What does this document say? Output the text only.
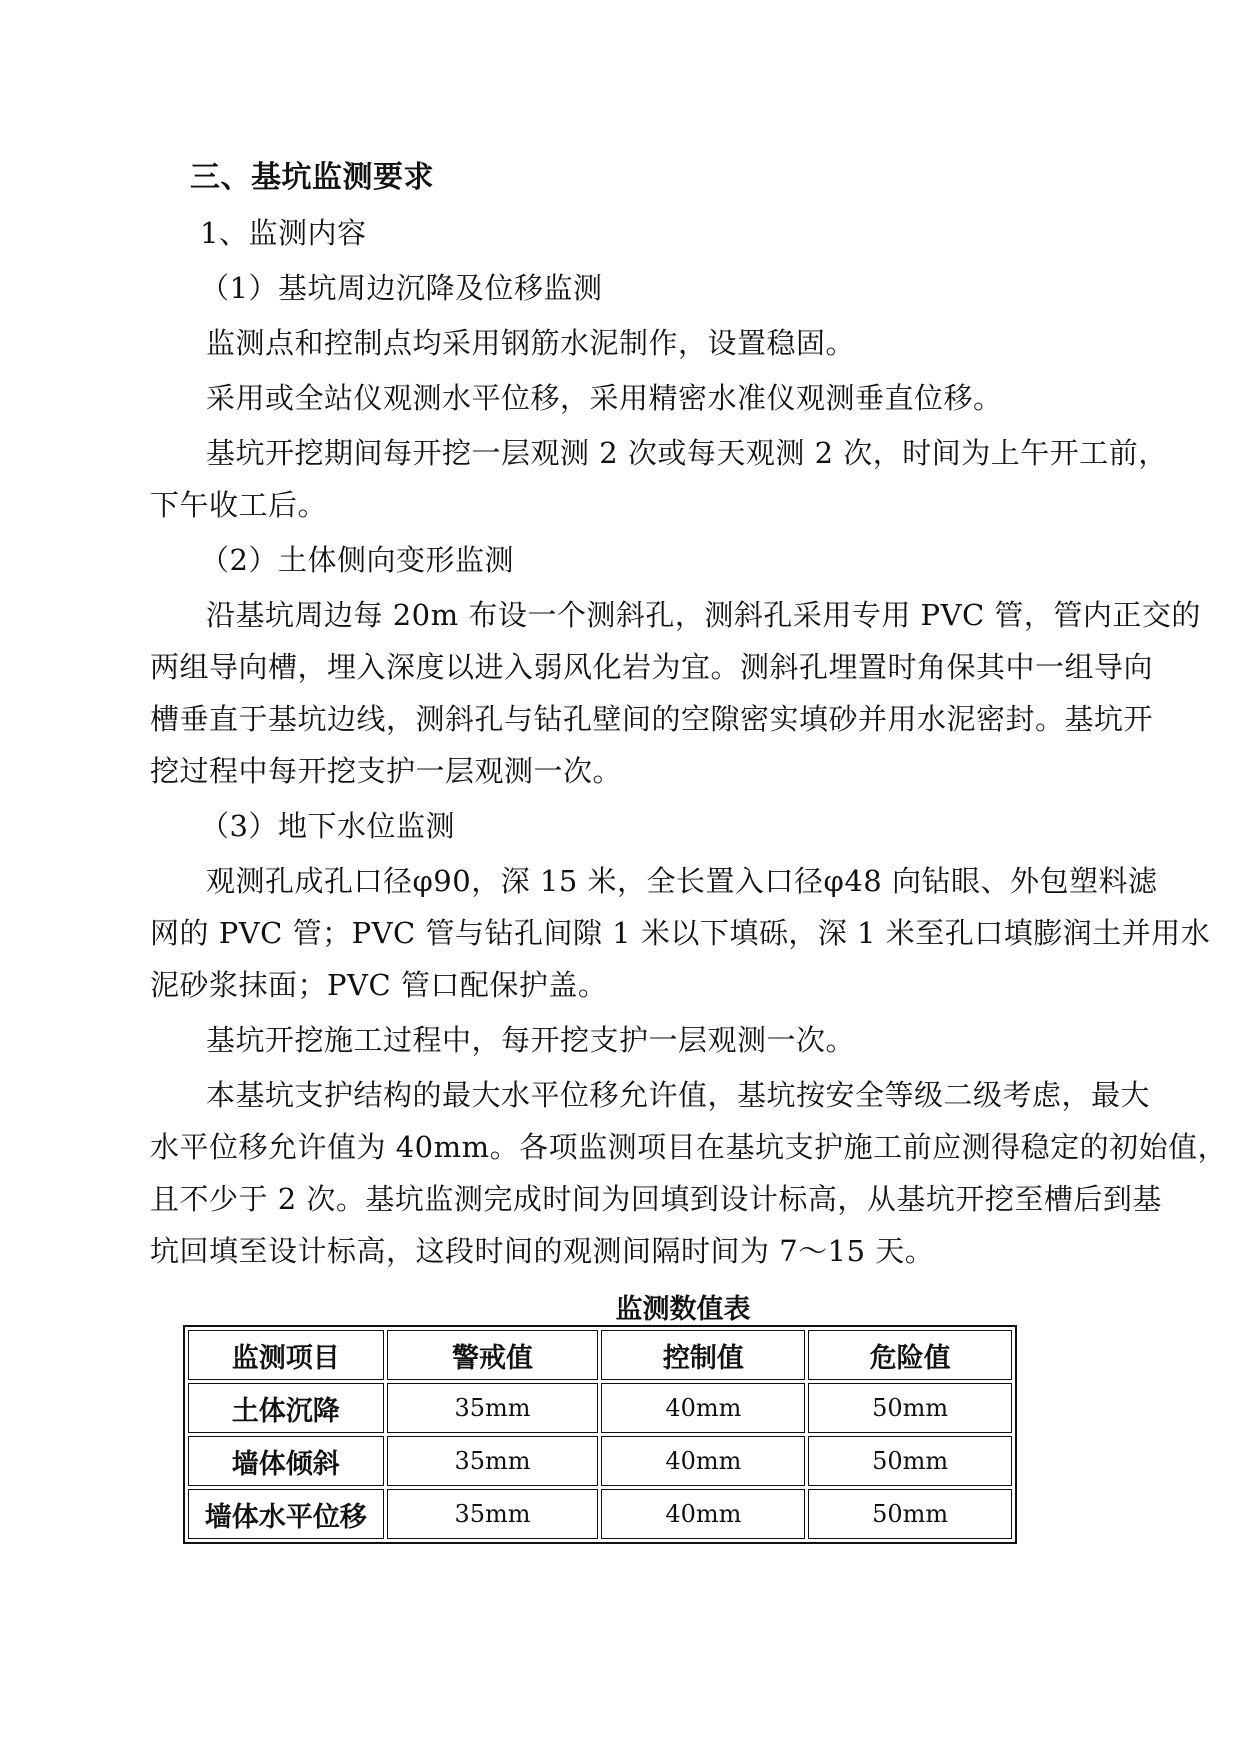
三、基坑监测要求
1、监测内容
（1）基坑周边沉降及位移监测
监测点和控制点均采用钢筋水泥制作，设置稳固。
采用或全站仪观测水平位移，采用精密水准仪观测垂直位移。
基坑开挖期间每开挖一层观测 2 次或每天观测 2 次，时间为上午开工前，
下午收工后。
（2）土体侧向变形监测
沿基坑周边每 20m 布设一个测斜孔，测斜孔采用专用 PVC 管，管内正交的
两组导向槽，埋入深度以进入弱风化岩为宜。测斜孔埋置时角保其中一组导向
槽垂直于基坑边线，测斜孔与钻孔壁间的空隙密实填砂并用水泥密封。基坑开
挖过程中每开挖支护一层观测一次。
（3）地下水位监测
观测孔成孔口径φ90，深 15 米，全长置入口径φ48 向钻眼、外包塑料滤
网的 PVC 管；PVC 管与钻孔间隙 1 米以下填砾，深 1 米至孔口填膨润土并用水
泥砂浆抹面；PVC 管口配保护盖。
基坑开挖施工过程中，每开挖支护一层观测一次。
本基坑支护结构的最大水平位移允许值，基坑按安全等级二级考虑，最大
水平位移允许值为 40mm。各项监测项目在基坑支护施工前应测得稳定的初始值，
且不少于 2 次。基坑监测完成时间为回填到设计标高，从基坑开挖至槽后到基
坑回填至设计标高，这段时间的观测间隔时间为 7～15 天。
监测数值表
监测项目	警戒值	控制值	危险值
土体沉降	35mm	40mm	50mm
墙体倾斜	35mm	40mm	50mm
墙体水平位移	35mm	40mm	50mm
